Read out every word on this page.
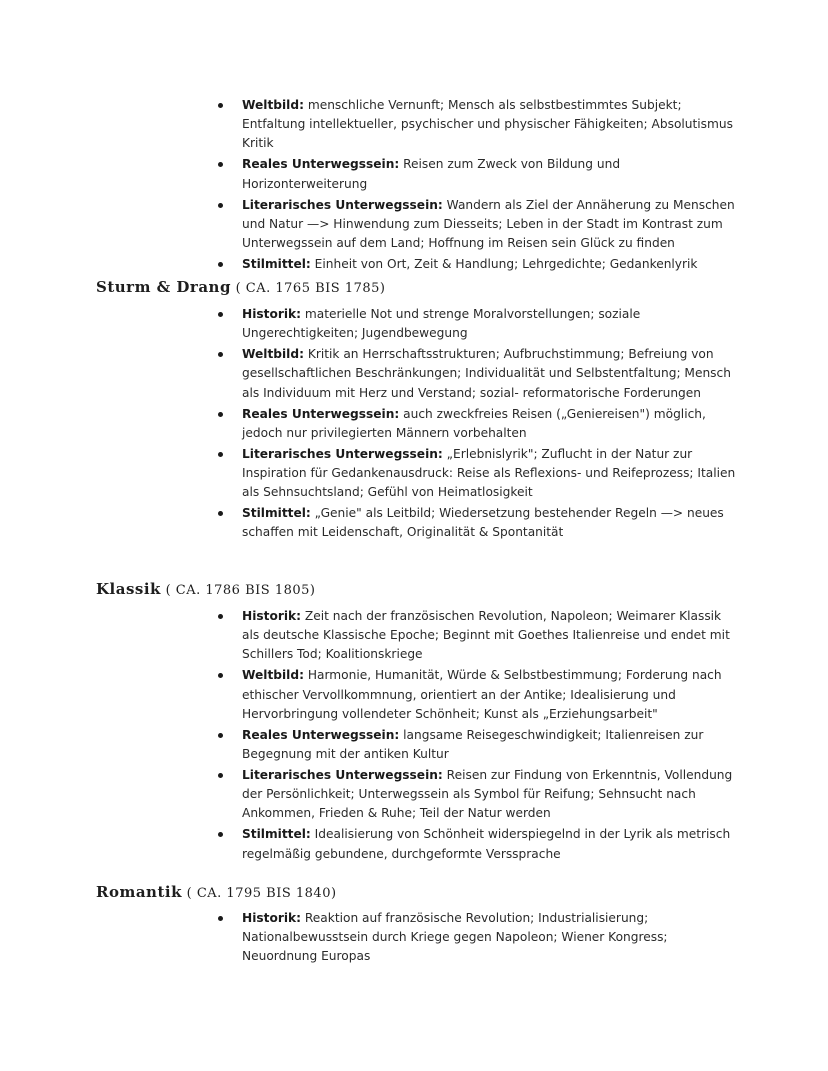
Weltbild: menschliche Vernunft; Mensch als selbstbestimmtes Subjekt; Entfaltung intellektueller, psychischer und physischer Fähigkeiten; Absolutismus Kritik
Reales Unterwegssein: Reisen zum Zweck von Bildung und Horizonterweiterung
Literarisches Unterwegssein: Wandern als Ziel der Annäherung zu Menschen und Natur —> Hinwendung zum Diesseits; Leben in der Stadt im Kontrast zum Unterwegssein auf dem Land; Hoffnung im Reisen sein Glück zu finden
Stilmittel: Einheit von Ort, Zeit & Handlung; Lehrgedichte; Gedankenlyrik
Sturm & Drang ( CA. 1765 BIS 1785)
Historik: materielle Not und strenge Moralvorstellungen; soziale Ungerechtigkeiten; Jugendbewegung
Weltbild: Kritik an Herrschaftsstrukturen; Aufbruchstimmung; Befreiung von gesellschaftlichen Beschränkungen; Individualität und Selbstentfaltung; Mensch als Individuum mit Herz und Verstand; sozial- reformatorische Forderungen
Reales Unterwegssein: auch zweckfreies Reisen („Geniereisen") möglich, jedoch nur privilegierten Männern vorbehalten
Literarisches Unterwegssein: „Erlebnislyrik"; Zuflucht in der Natur zur Inspiration für Gedankenausdruck: Reise als Reflexions- und Reifeprozess; Italien als Sehnsuchtsland; Gefühl von Heimatlosigkeit
Stilmittel: „Genie" als Leitbild; Wiedersetzung bestehender Regeln —> neues schaffen mit Leidenschaft, Originalität & Spontanität
Klassik ( CA. 1786 BIS 1805)
Historik: Zeit nach der französischen Revolution, Napoleon; Weimarer Klassik als deutsche Klassische Epoche; Beginnt mit Goethes Italienreise und endet mit Schillers Tod; Koalitionskriege
Weltbild: Harmonie, Humanität, Würde & Selbstbestimmung; Forderung nach ethischer Vervollkommnung, orientiert an der Antike; Idealisierung und Hervorbringung vollendeter Schönheit; Kunst als „Erziehungsarbeit"
Reales Unterwegssein: langsame Reisegeschwindigkeit; Italienreisen zur Begegnung mit der antiken Kultur
Literarisches Unterwegssein: Reisen zur Findung von Erkenntnis, Vollendung der Persönlichkeit; Unterwegssein als Symbol für Reifung; Sehnsucht nach Ankommen, Frieden & Ruhe; Teil der Natur werden
Stilmittel: Idealisierung von Schönheit widerspiegelnd in der Lyrik als metrisch regelmäßig gebundene, durchgeformte Verssprache
Romantik ( CA. 1795 BIS 1840)
Historik: Reaktion auf französische Revolution; Industrialisierung; Nationalbewusstsein durch Kriege gegen Napoleon; Wiener Kongress; Neuordnung Europas
